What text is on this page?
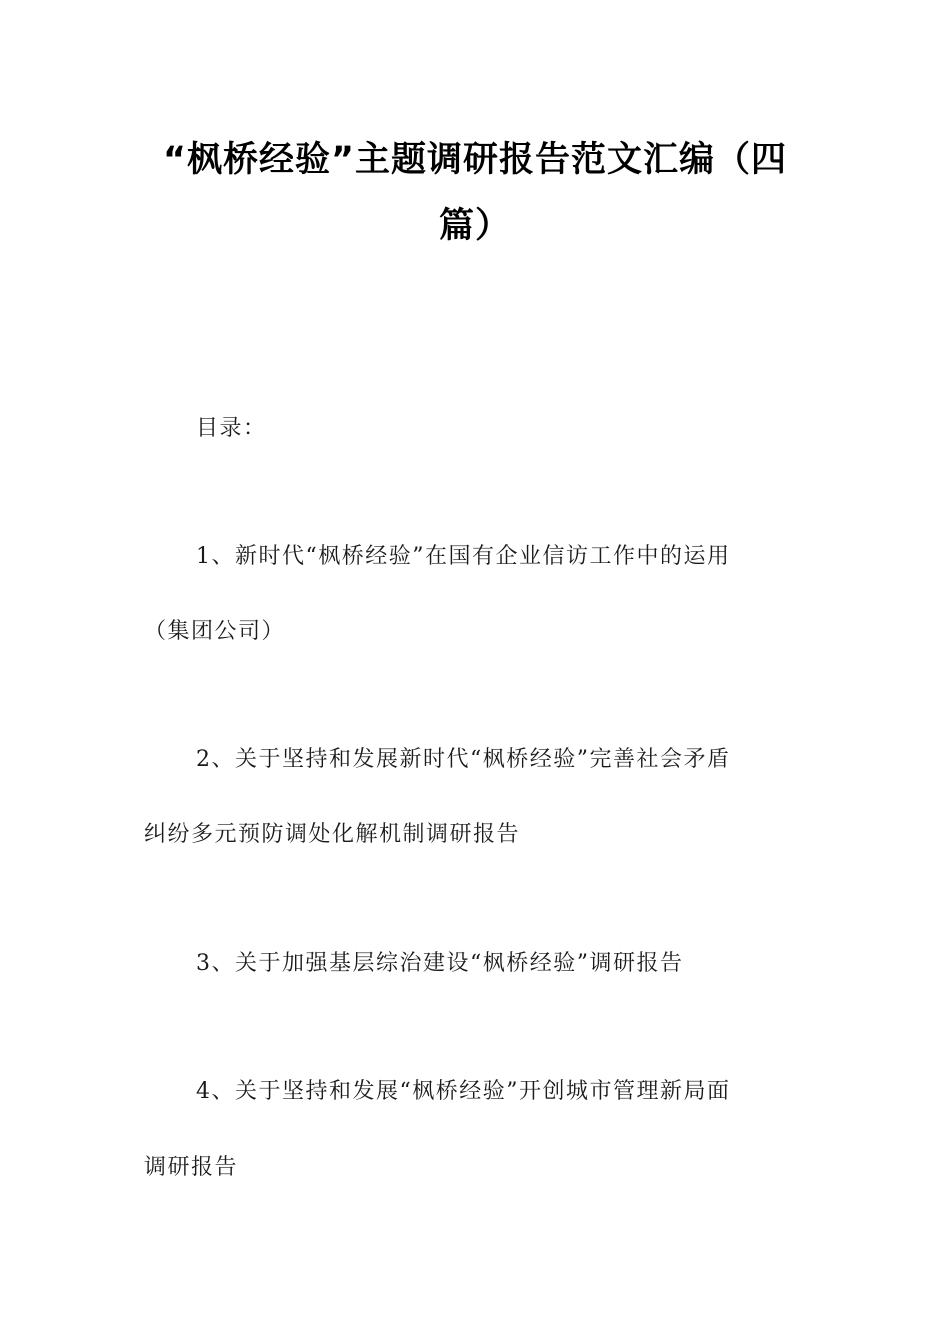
“枫桥经验”主题调研报告范文汇编（四
篇）
目录：
1、新时代“枫桥经验”在国有企业信访工作中的运用
（集团公司）
2、关于坚持和发展新时代“枫桥经验”完善社会矛盾
纠纷多元预防调处化解机制调研报告
3、关于加强基层综治建设“枫桥经验”调研报告
4、关于坚持和发展“枫桥经验”开创城市管理新局面
调研报告
